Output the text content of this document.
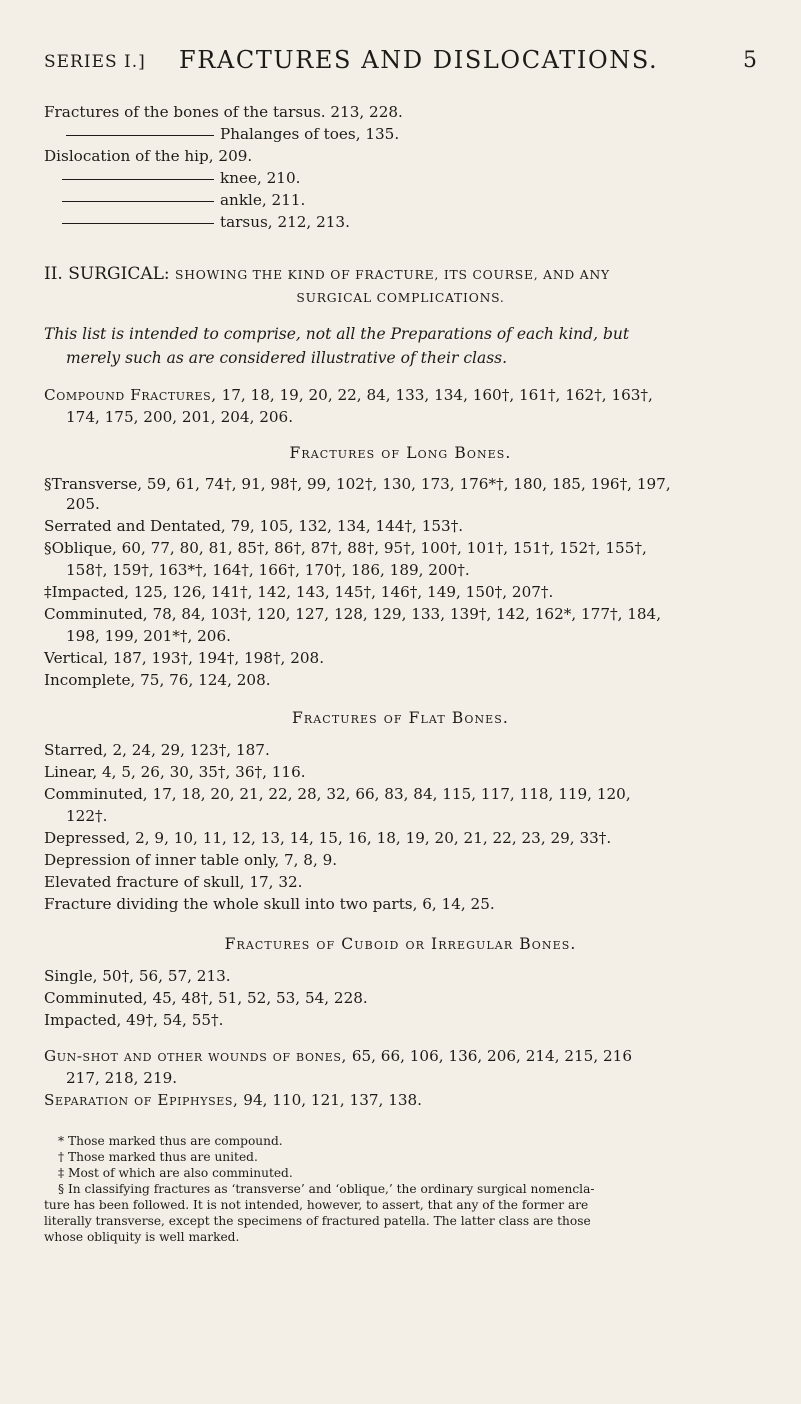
SERIES I.] FRACTURES AND DISLOCATIONS.	5
Fractures of the bones of the tarsus. 213, 228.
Phalanges of toes, 135.
Dislocation of the hip, 209.
knee, 210.
ankle, 211.
tarsus, 212, 213.
II. SURGICAL: SHOWING THE KIND OF FRACTURE, ITS COURSE, AND ANY
SURGICAL COMPLICATIONS.
This list is intended to comprise, not all the Preparations of each kind, but
merely such as are considered illustrative of their class.
Compound Fractures, 17, 18, 19, 20, 22, 84, 133, 134, 160†, 161†, 162†, 163†,
174, 175, 200, 201, 204, 206.
Fractures of Long Bones.
§Transverse, 59, 61, 74†, 91, 98†, 99, 102†, 130, 173, 176*†, 180, 185, 196†, 197,
205.
Serrated and Dentated, 79, 105, 132, 134, 144†, 153†.
§Oblique, 60, 77, 80, 81, 85†, 86†, 87†, 88†, 95†, 100†, 101†, 151†, 152†, 155†,
158†, 159†, 163*†, 164†, 166†, 170†, 186, 189, 200†.
‡Impacted, 125, 126, 141†, 142, 143, 145†, 146†, 149, 150†, 207†.
Comminuted, 78, 84, 103†, 120, 127, 128, 129, 133, 139†, 142, 162*, 177†, 184,
198, 199, 201*†, 206.
Vertical, 187, 193†, 194†, 198†, 208.
Incomplete, 75, 76, 124, 208.
Fractures of Flat Bones.
Starred, 2, 24, 29, 123†, 187.
Linear, 4, 5, 26, 30, 35†, 36†, 116.
Comminuted, 17, 18, 20, 21, 22, 28, 32, 66, 83, 84, 115, 117, 118, 119, 120,
122†.
Depressed, 2, 9, 10, 11, 12, 13, 14, 15, 16, 18, 19, 20, 21, 22, 23, 29, 33†.
Depression of inner table only, 7, 8, 9.
Elevated fracture of skull, 17, 32.
Fracture dividing the whole skull into two parts, 6, 14, 25.
Fractures of Cuboid or Irregular Bones.
Single, 50†, 56, 57, 213.
Comminuted, 45, 48†, 51, 52, 53, 54, 228.
Impacted, 49†, 54, 55†.
Gun-shot and other wounds of bones, 65, 66, 106, 136, 206, 214, 215, 216
217, 218, 219.
Separation of Epiphyses, 94, 110, 121, 137, 138.
* Those marked thus are compound.
† Those marked thus are united.
‡ Most of which are also comminuted.
§ In classifying fractures as ‘transverse’ and ‘oblique,’ the ordinary surgical nomencla-
ture has been followed. It is not intended, however, to assert, that any of the former are
literally transverse, except the specimens of fractured patella. The latter class are those
whose obliquity is well marked.
